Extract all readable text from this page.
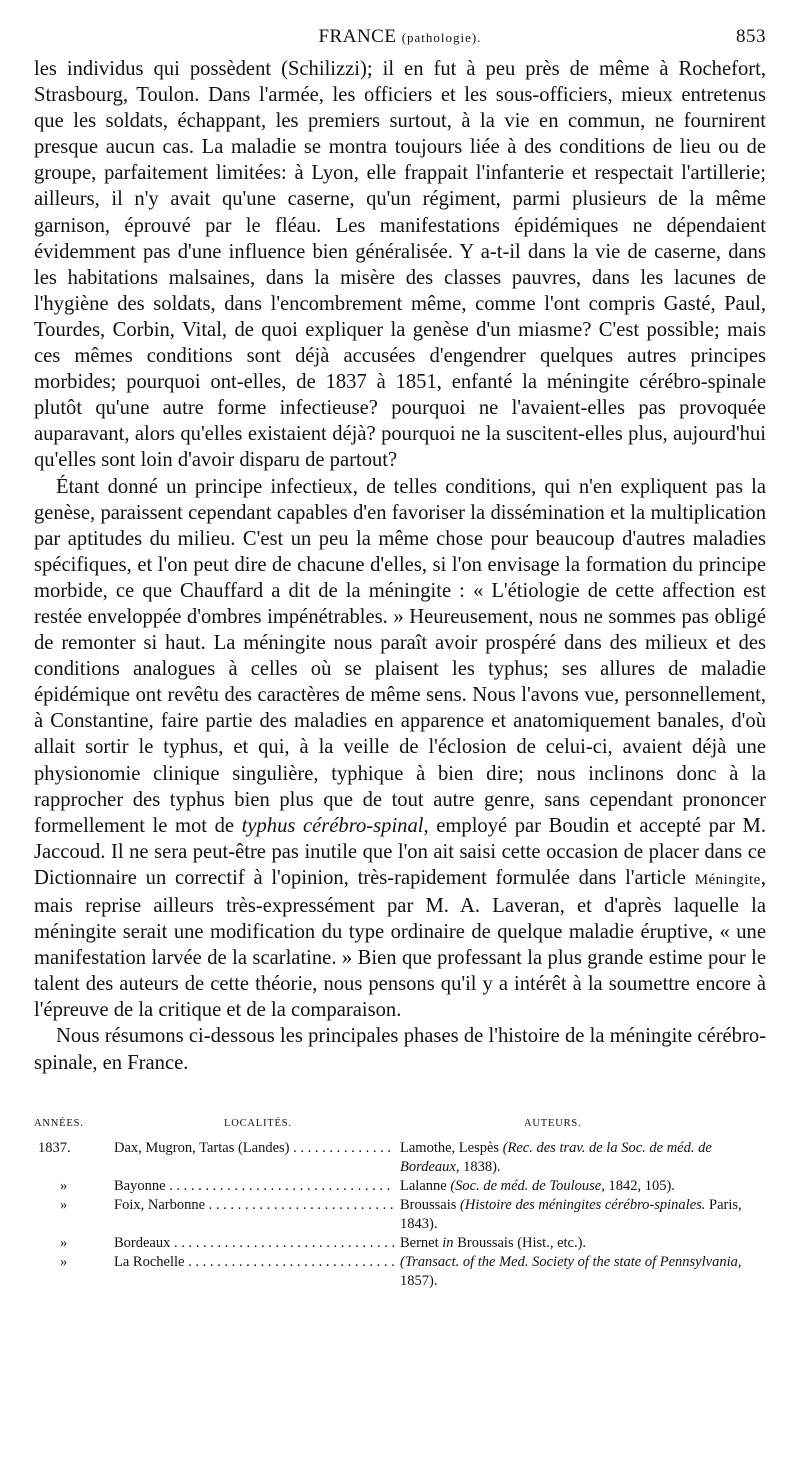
FRANCE (pathologie).	853

les individus qui possèdent (Schilizzi); il en fut à peu près de même à Rochefort, Strasbourg, Toulon. Dans l'armée, les officiers et les sous-officiers, mieux entretenus que les soldats, échappant, les premiers surtout, à la vie en commun, ne fournirent presque aucun cas. La maladie se montra toujours liée à des conditions de lieu ou de groupe, parfaitement limitées: à Lyon, elle frappait l'infanterie et respectait l'artillerie; ailleurs, il n'y avait qu'une caserne, qu'un régiment, parmi plusieurs de la même garnison, éprouvé par le fléau. Les manifestations épidémiques ne dépendaient évidemment pas d'une influence bien généralisée. Y a-t-il dans la vie de caserne, dans les habitations malsaines, dans la misère des classes pauvres, dans les lacunes de l'hygiène des soldats, dans l'encombrement même, comme l'ont compris Gasté, Paul, Tourdes, Corbin, Vital, de quoi expliquer la genèse d'un miasme? C'est possible; mais ces mêmes conditions sont déjà accusées d'engendrer quelques autres principes morbides; pourquoi ont-elles, de 1837 à 1851, enfanté la méningite cérébro-spinale plutôt qu'une autre forme infectieuse? pourquoi ne l'avaient-elles pas provoquée auparavant, alors qu'elles existaient déjà? pourquoi ne la suscitent-elles plus, aujourd'hui qu'elles sont loin d'avoir disparu de partout?

Étant donné un principe infectieux, de telles conditions, qui n'en expliquent pas la genèse, paraissent cependant capables d'en favoriser la dissémination et la multiplication par aptitudes du milieu. C'est un peu la même chose pour beaucoup d'autres maladies spécifiques, et l'on peut dire de chacune d'elles, si l'on envisage la formation du principe morbide, ce que Chauffard a dit de la méningite : « L'étiologie de cette affection est restée enveloppée d'ombres impénétrables. » Heureusement, nous ne sommes pas obligé de remonter si haut. La méningite nous paraît avoir prospéré dans des milieux et des conditions analogues à celles où se plaisent les typhus; ses allures de maladie épidémique ont revêtu des caractères de même sens. Nous l'avons vue, personnellement, à Constantine, faire partie des maladies en apparence et anatomiquement banales, d'où allait sortir le typhus, et qui, à la veille de l'éclosion de celui-ci, avaient déjà une physionomie clinique singulière, typhique à bien dire; nous inclinons donc à la rapprocher des typhus bien plus que de tout autre genre, sans cependant prononcer formellement le mot de typhus cérébro-spinal, employé par Boudin et accepté par M. Jaccoud. Il ne sera peut-être pas inutile que l'on ait saisi cette occasion de placer dans ce Dictionnaire un correctif à l'opinion, très-rapidement formulée dans l'article Méningite, mais reprise ailleurs très-expressément par M. A. Laveran, et d'après laquelle la méningite serait une modification du type ordinaire de quelque maladie éruptive, « une manifestation larvée de la scarlatine. » Bien que professant la plus grande estime pour le talent des auteurs de cette théorie, nous pensons qu'il y a intérêt à la soumettre encore à l'épreuve de la critique et de la comparaison.

Nous résumons ci-dessous les principales phases de l'histoire de la méningite cérébro-spinale, en France.

ANNÉES.	LOCALITÉS.	AUTEURS.
1837.	Dax, Mugron, Tartas (Landes) . . .	Lamothe, Lespès (Rec. des trav. de la Soc. de méd. de Bordeaux, 1838).
»	Bayonne . . .	Lalanne (Soc. de méd. de Toulouse, 1842, 105).
»	Foix, Narbonne . . .	Broussais (Histoire des méningites cérébro-spinales. Paris, 1843).
»	Bordeaux . . .	Bernet in Broussais (Hist., etc.).
»	La Rochelle . . .	(Transact. of the Med. Society of the state of Pennsylvania, 1857).
